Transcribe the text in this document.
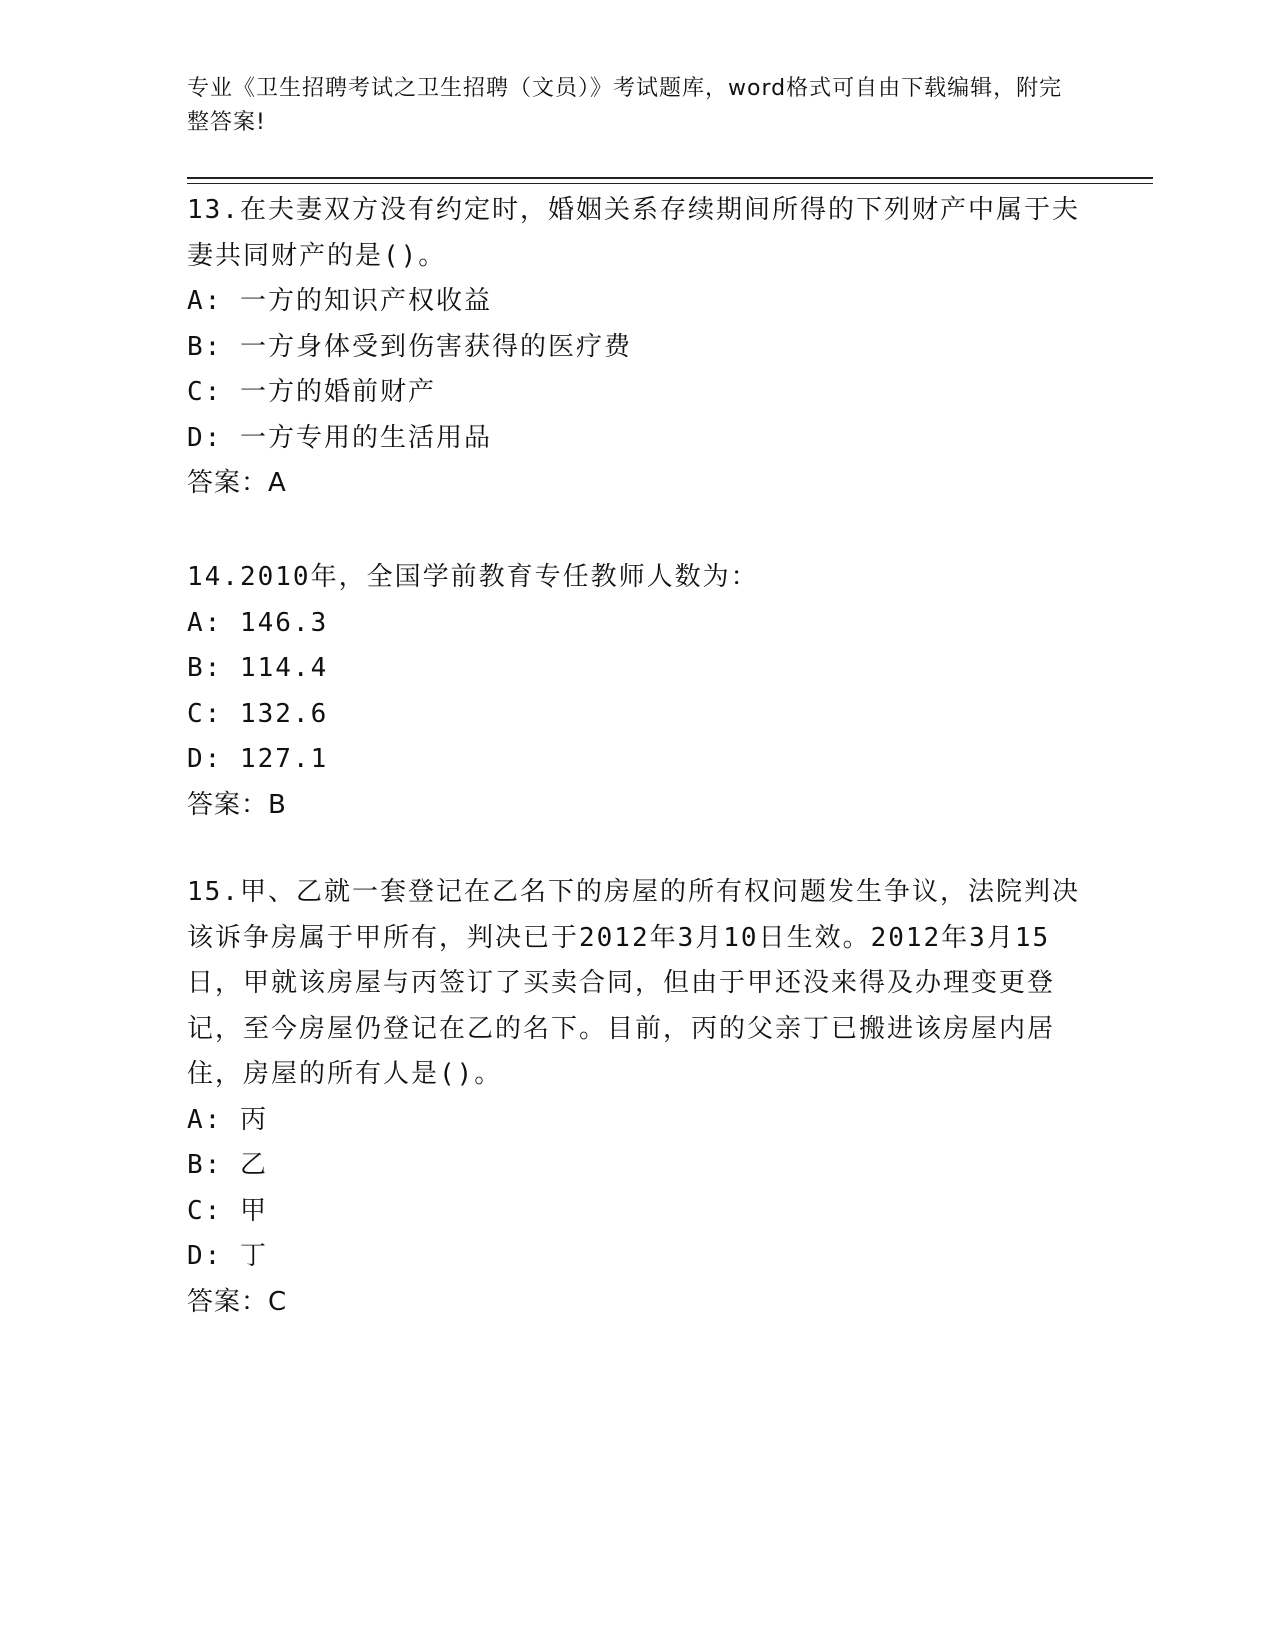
专业《卫生招聘考试之卫生招聘（文员）》考试题库，word格式可自由下载编辑，附完整答案!
13.在夫妻双方没有约定时，婚姻关系存续期间所得的下列财产中属于夫妻共同财产的是()。
A: 一方的知识产权收益
B: 一方身体受到伤害获得的医疗费
C: 一方的婚前财产
D: 一方专用的生活用品
答案：A
14.2010年，全国学前教育专任教师人数为：
A: 146.3
B: 114.4
C: 132.6
D: 127.1
答案：B
15.甲、乙就一套登记在乙名下的房屋的所有权问题发生争议，法院判决该诉争房属于甲所有，判决已于2012年3月10日生效。2012年3月15日，甲就该房屋与丙签订了买卖合同，但由于甲还没来得及办理变更登记，至今房屋仍登记在乙的名下。目前，丙的父亲丁已搬进该房屋内居住，房屋的所有人是()。
A: 丙
B: 乙
C: 甲
D: 丁
答案：C
